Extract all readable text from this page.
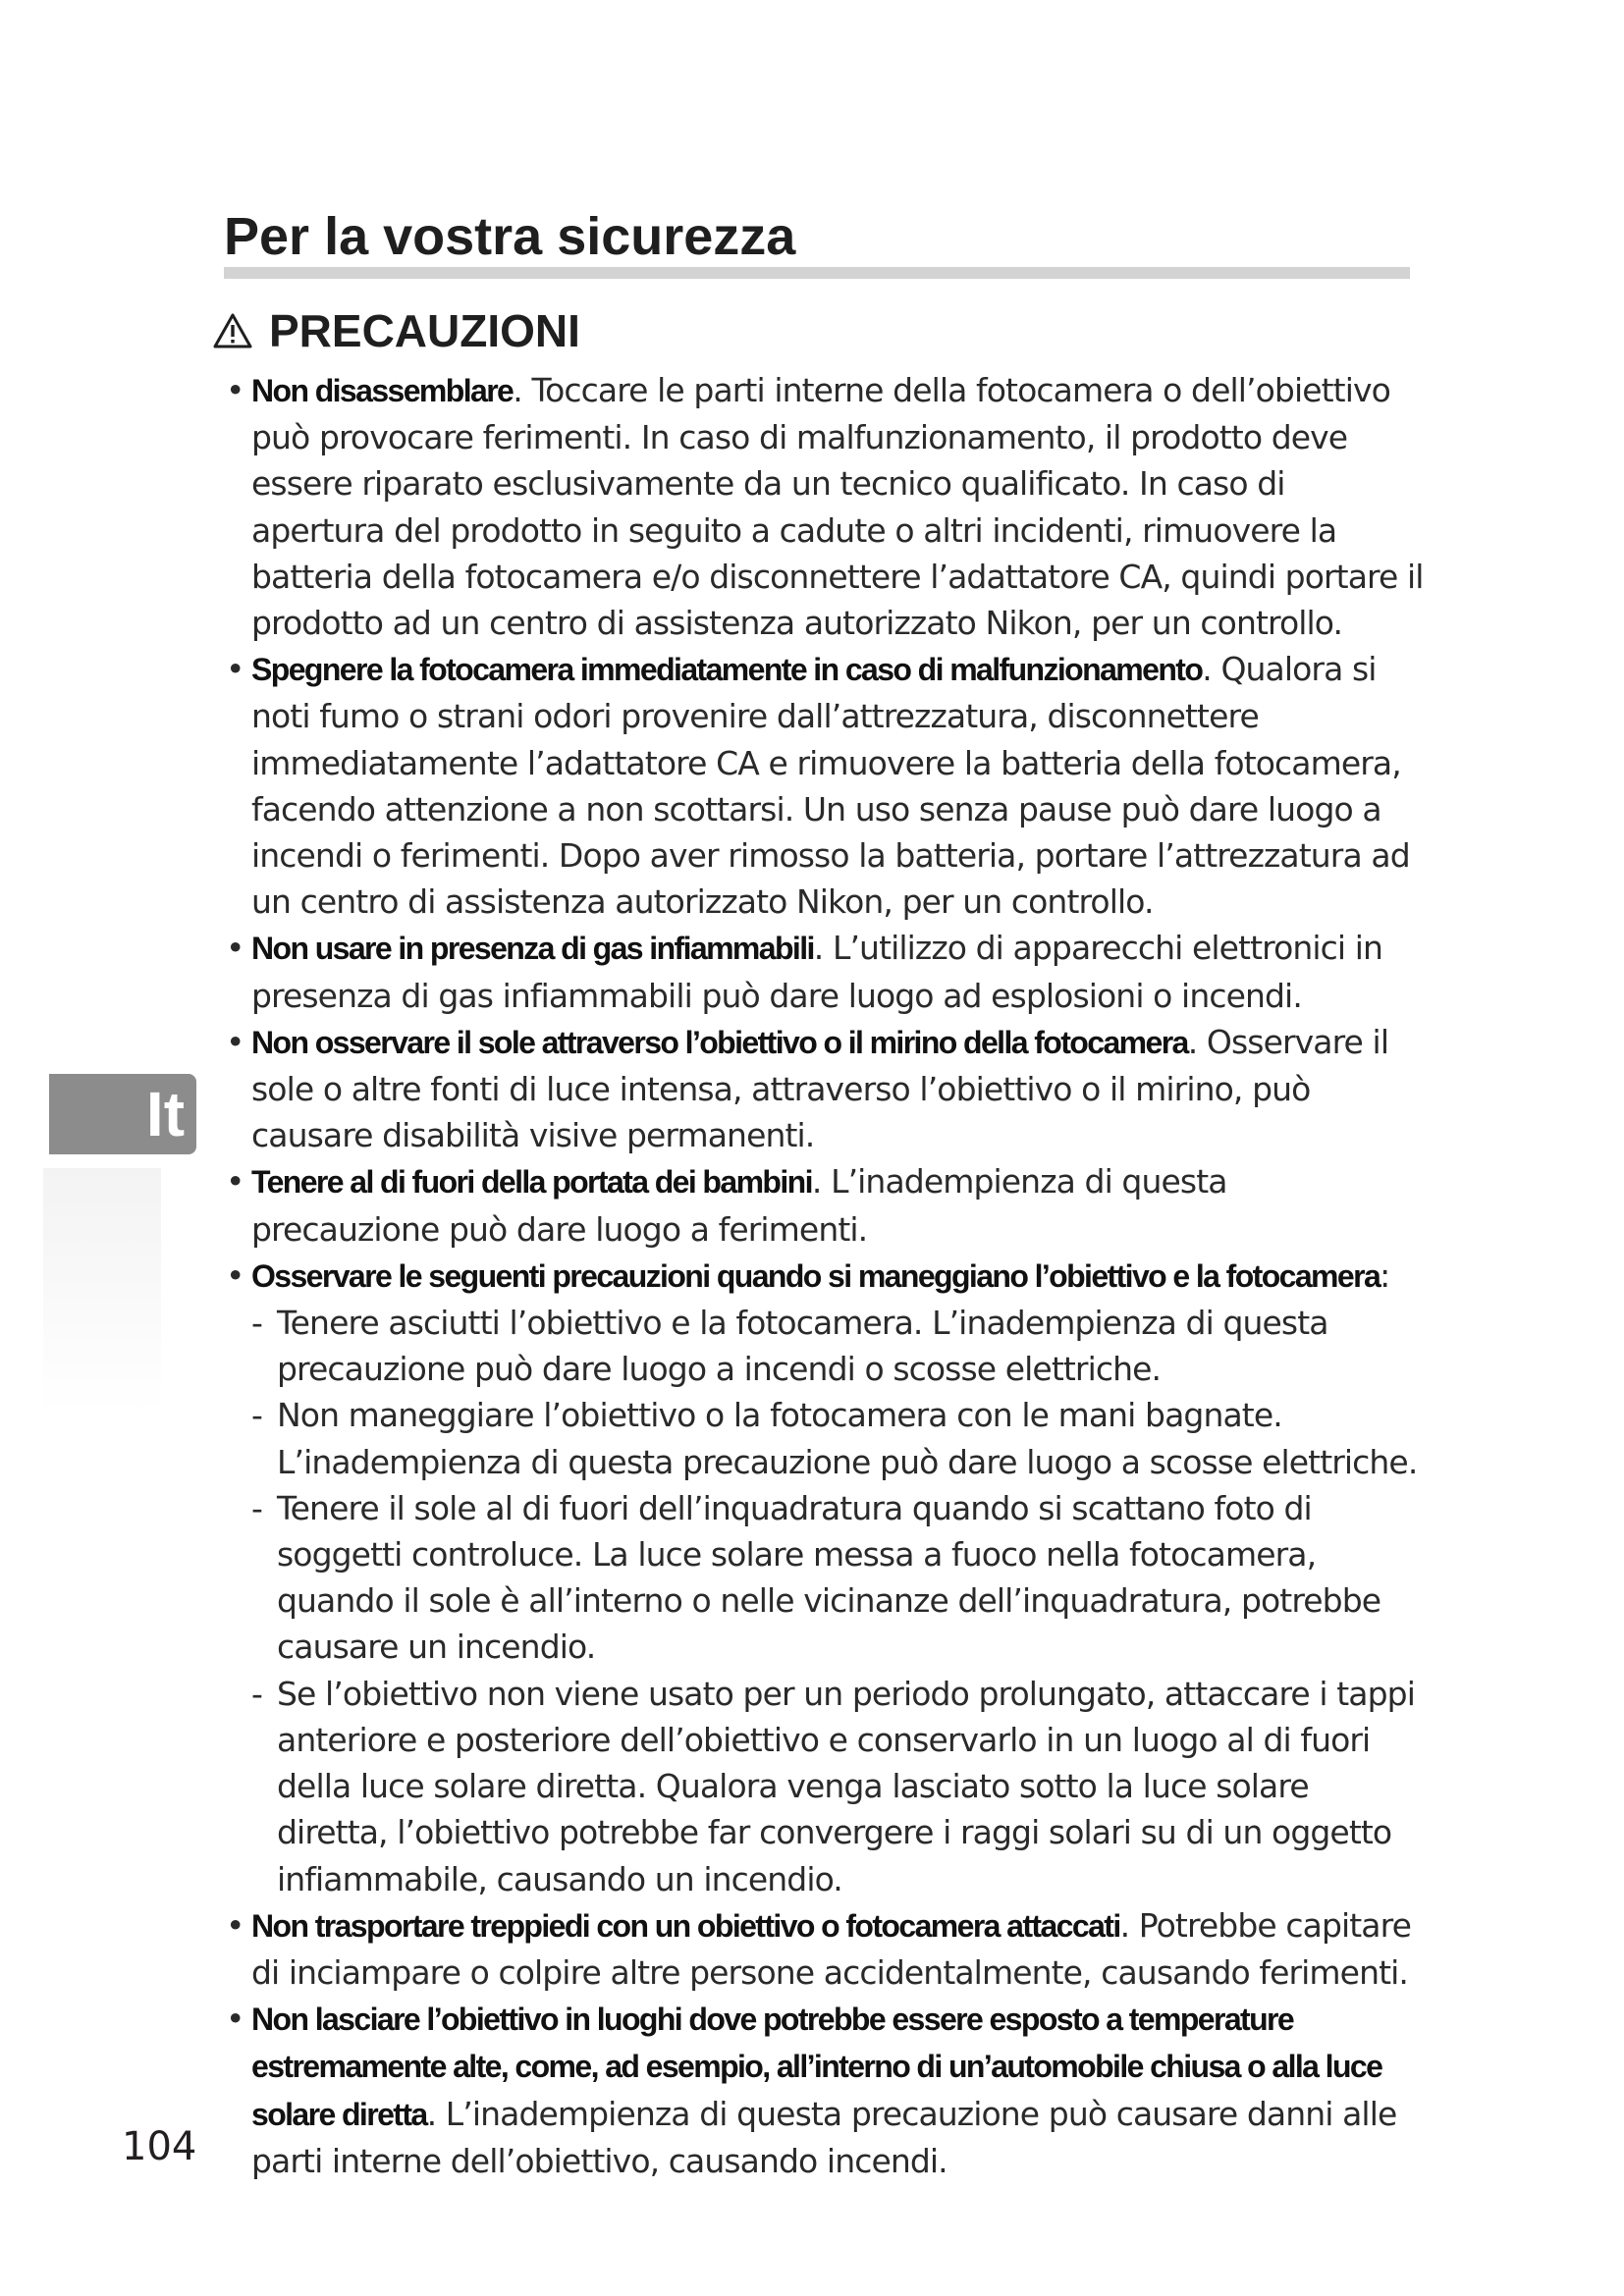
Per la vostra sicurezza
PRECAUZIONI
It
• Non disassemblare. Toccare le parti interne della fotocamera o dell’obiettivo può provocare ferimenti. In caso di malfunzionamento, il prodotto deve essere riparato esclusivamente da un tecnico qualificato. In caso di apertura del prodotto in seguito a cadute o altri incidenti, rimuovere la batteria della fotocamera e/o disconnettere l’adattatore CA, quindi portare il prodotto ad un centro di assistenza autorizzato Nikon, per un controllo.
• Spegnere la fotocamera immediatamente in caso di malfunzionamento. Qualora si noti fumo o strani odori provenire dall’attrezzatura, disconnettere immediatamente l’adattatore CA e rimuovere la batteria della fotocamera, facendo attenzione a non scottarsi. Un uso senza pause può dare luogo a incendi o ferimenti. Dopo aver rimosso la batteria, portare l’attrezzatura ad un centro di assistenza autorizzato Nikon, per un controllo.
• Non usare in presenza di gas infiammabili. L’utilizzo di apparecchi elettronici in presenza di gas infiammabili può dare luogo ad esplosioni o incendi.
• Non osservare il sole attraverso l’obiettivo o il mirino della fotocamera. Osservare il sole o altre fonti di luce intensa, attraverso l’obiettivo o il mirino, può causare disabilità visive permanenti.
• Tenere al di fuori della portata dei bambini. L’inadempienza di questa precauzione può dare luogo a ferimenti.
• Osservare le seguenti precauzioni quando si maneggiano l’obiettivo e la fotocamera:
- Tenere asciutti l’obiettivo e la fotocamera. L’inadempienza di questa precauzione può dare luogo a incendi o scosse elettriche.
- Non maneggiare l’obiettivo o la fotocamera con le mani bagnate. L’inadempienza di questa precauzione può dare luogo a scosse elettriche.
- Tenere il sole al di fuori dell’inquadratura quando si scattano foto di soggetti controluce. La luce solare messa a fuoco nella fotocamera, quando il sole è all’interno o nelle vicinanze dell’inquadratura, potrebbe causare un incendio.
- Se l’obiettivo non viene usato per un periodo prolungato, attaccare i tappi anteriore e posteriore dell’obiettivo e conservarlo in un luogo al di fuori della luce solare diretta. Qualora venga lasciato sotto la luce solare diretta, l’obiettivo potrebbe far convergere i raggi solari su di un oggetto infiammabile, causando un incendio.
• Non trasportare treppiedi con un obiettivo o fotocamera attaccati. Potrebbe capitare di inciampare o colpire altre persone accidentalmente, causando ferimenti.
• Non lasciare l’obiettivo in luoghi dove potrebbe essere esposto a temperature estremamente alte, come, ad esempio, all’interno di un’automobile chiusa o alla luce solare diretta. L’inadempienza di questa precauzione può causare danni alle parti interne dell’obiettivo, causando incendi.
104
